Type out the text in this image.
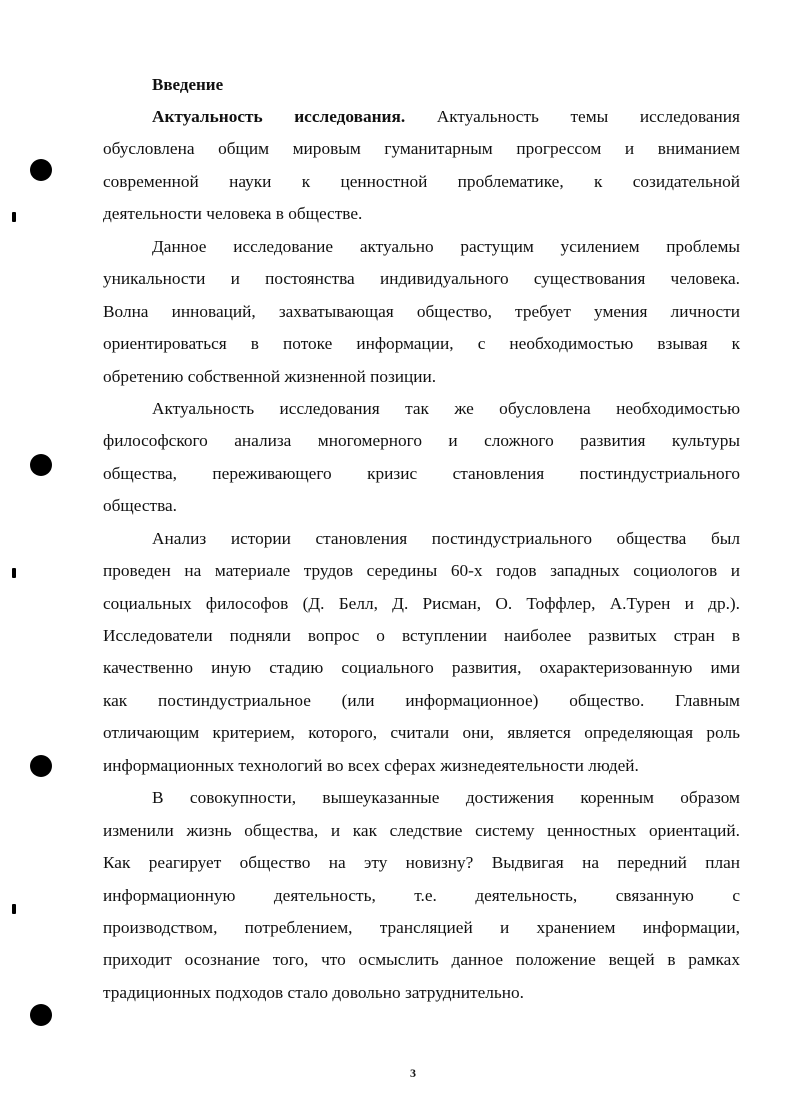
Введение
Актуальность исследования. Актуальность темы исследования
обусловлена общим мировым гуманитарным прогрессом и вниманием
современной науки к ценностной проблематике, к созидательной
деятельности человека в обществе.
Данное исследование актуально растущим усилением проблемы
уникальности и постоянства индивидуального существования человека.
Волна инноваций, захватывающая общество, требует умения личности
ориентироваться в потоке информации, с необходимостью взывая к
обретению собственной жизненной позиции.
Актуальность исследования так же обусловлена необходимостью
философского анализа многомерного и сложного развития культуры
общества, переживающего кризис становления постиндустриального
общества.
Анализ истории становления постиндустриального общества был
проведен на материале трудов середины 60-х годов западных социологов и
социальных философов (Д. Белл, Д. Рисман, О. Тоффлер, А.Турен и др.).
Исследователи подняли вопрос о вступлении наиболее развитых стран в
качественно иную стадию социального развития, охарактеризованную ими
как постиндустриальное (или информационное) общество. Главным
отличающим критерием, которого, считали они, является определяющая роль
информационных технологий во всех сферах жизнедеятельности людей.
В совокупности, вышеуказанные достижения коренным образом
изменили жизнь общества, и как следствие систему ценностных ориентаций.
Как реагирует общество на эту новизну? Выдвигая на передний план
информационную деятельность, т.е. деятельность, связанную с
производством, потреблением, трансляцией и хранением информации,
приходит осознание того, что осмыслить данное положение вещей в рамках
традиционных подходов стало довольно затруднительно.
3
